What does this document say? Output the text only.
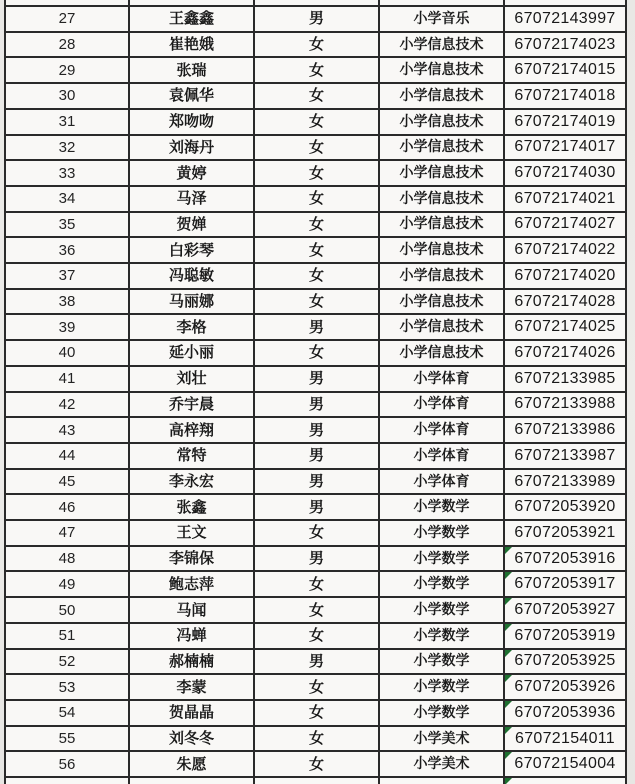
27	王鑫鑫	男	小学音乐	67072143997
28	崔艳娥	女	小学信息技术 67072174023
29	张瑞	女	小学信息技术 67072174015
30	袁佩华	女	小学信息技术 67072174018
31	郑吻吻	女	小学信息技术 67072174019
32	刘海丹	女	小学信息技术 67072174017
33	黄婷	女	小学信息技术 67072174030
34	马泽	女	小学信息技术 67072174021
35	贺婵	女	小学信息技术 67072174027
36	白彩琴	女	小学信息技术 67072174022
37	冯聪敏	女	小学信息技术 67072174020
38	马丽娜	女	小学信息技术 67072174028
39	李格	男	小学信息技术 67072174025
40	延小丽	女	小学信息技术 67072174026
41	刘壮	男	小学体育	67072133985
42	乔宇晨	男	小学体育	67072133988
43	高梓翔	男	小学体育	67072133986
44	常特	男	小学体育	67072133987
45	李永宏	男	小学体育	67072133989
46	张鑫	男	小学数学	67072053920
47	王文	女	小学数学	67072053921
48	李锦保	男	小学数学	67072053916
49	鲍志萍	女	小学数学	67072053917
50	马闻	女	小学数学	67072053927
51	冯蝉	女	小学数学	67072053919
52	郝楠楠	男	小学数学	67072053925
53	李蒙	女	小学数学	67072053926
54	贺晶晶	女	小学数学	67072053936
55	刘冬冬	女	小学美术	67072154011
56	朱愿	女	小学美术	67072154004
